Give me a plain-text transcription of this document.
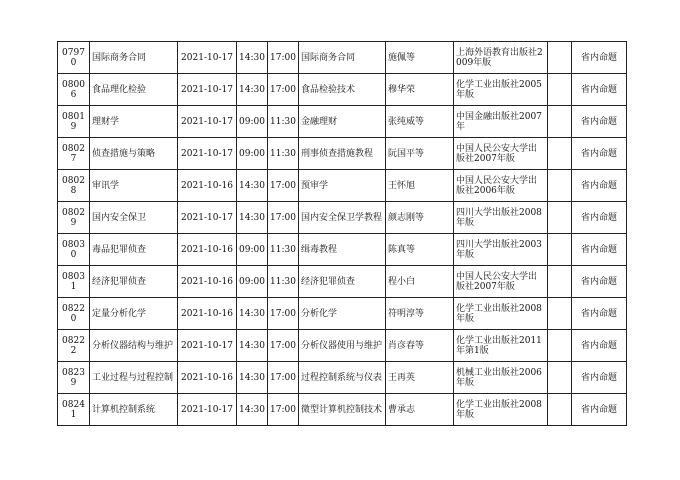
07970	国际商务合同	2021-10-17	14:30	17:00	国际商务合同	施佩等	上海外语教育出版社2009年版		省内命题
08006	食品理化检验	2021-10-17	14:30	17:00	食品检验技术	穆华荣	化学工业出版社2005年版		省内命题
08019	理财学	2021-10-17	09:00	11:30	金融理财	张纯威等	中国金融出版社2007年		省内命题
08027	侦查措施与策略	2021-10-17	09:00	11:30	刑事侦查措施教程	阮国平等	中国人民公安大学出版社2007年版		省内命题
08028	审讯学	2021-10-16	14:30	17:00	预审学	王怀旭	中国人民公安大学出版社2006年版		省内命题
08029	国内安全保卫	2021-10-17	14:30	17:00	国内安全保卫学教程	颜志刚等	四川大学出版社2008年版		省内命题
08030	毒品犯罪侦查	2021-10-16	09:00	11:30	缉毒教程	陈真等	四川大学出版社2003年版		省内命题
08031	经济犯罪侦查	2021-10-16	09:00	11:30	经济犯罪侦查	程小白	中国人民公安大学出版社2007年版		省内命题
08220	定量分析化学	2021-10-16	14:30	17:00	分析化学	符明淳等	化学工业出版社2008年版		省内命题
08222	分析仪器结构与维护	2021-10-17	14:30	17:00	分析仪器使用与维护	肖彦春等	化学工业出版社2011年第1版		省内命题
08239	工业过程与过程控制	2021-10-16	14:30	17:00	过程控制系统与仪表	王再英	机械工业出版社2006年版		省内命题
08241	计算机控制系统	2021-10-17	14:30	17:00	微型计算机控制技术	曹承志	化学工业出版社2008年版		省内命题
